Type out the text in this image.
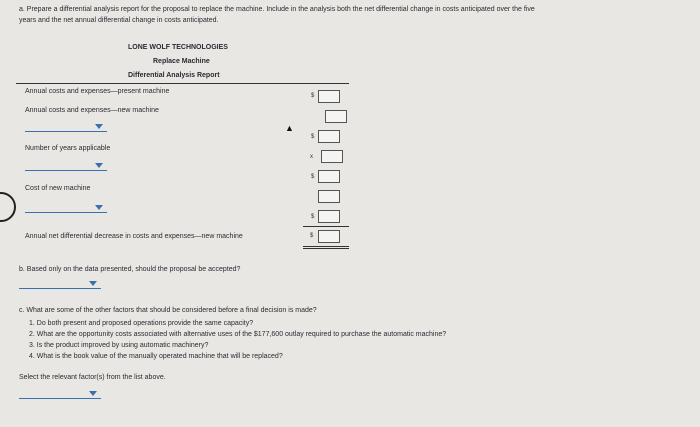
a. Prepare a differential analysis report for the proposal to replace the machine. Include in the analysis both the net differential change in costs anticipated over the five
years and the net annual differential change in costs anticipated.
LONE WOLF TECHNOLOGIES
Replace Machine
Differential Analysis Report
Annual costs and expenses—present machine
$
Annual costs and expenses—new machine
▲
$
Number of years applicable
x
$
Cost of new machine
$
Annual net differential decrease in costs and expenses—new machine	$
b. Based only on the data presented, should the proposal be accepted?
c. What are some of the other factors that should be considered before a final decision is made?
1. Do both present and proposed operations provide the same capacity?
2. What are the opportunity costs associated with alternative uses of the $177,600 outlay required to purchase the automatic machine?
3. Is the product improved by using automatic machinery?
4. What is the book value of the manually operated machine that will be replaced?
Select the relevant factor(s) from the list above.
